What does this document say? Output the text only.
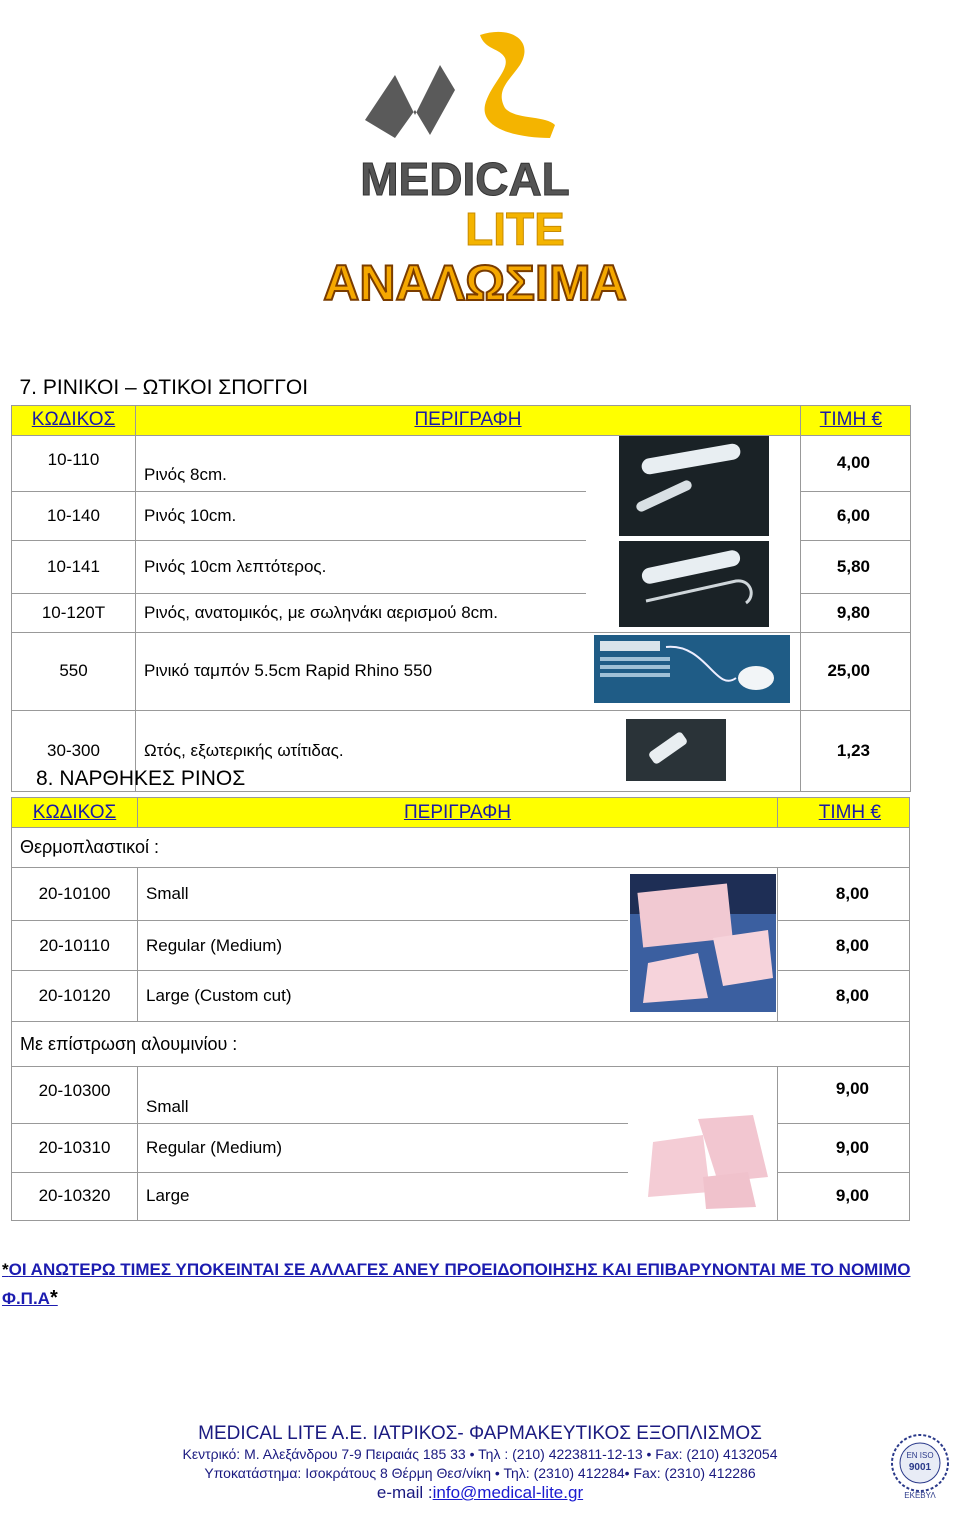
MEDICAL
LITE
ΑΝΑΛΩΣΙΜΑ
7. ΡΙΝΙΚΟΙ – ΩΤΙΚΟΙ ΣΠΟΓΓΟΙ			
ΚΩΔΙΚΟΣ	ΠΕΡΙΓΡΑΦΗ		ΤΙΜΗ €
10-110	Ρινός 8cm.		4,00
10-140	Ρινός 10cm.		6,00
10-141	Ρινός 10cm λεπτότερος.		5,80
10-120T	Ρινός, ανατομικός, με σωληνάκι αερισμού 8cm.		9,80
550	Ρινικό ταμπόν 5.5cm Rapid Rhino 550		25,00
30-300	Ωτός, εξωτερικής ωτίτιδας.		1,23
8. ΝΑΡΘΗΚΕΣ ΡΙΝΟΣ
ΚΩΔΙΚΟΣ	ΠΕΡΙΓΡΑΦΗ		ΤΙΜΗ €
Θερμοπλαστικοί :			
20-10100	Small		8,00
20-10110	Regular (Medium)		8,00
20-10120	Large (Custom cut)		8,00
Με επίστρωση αλουμινίου :			
20-10300	Small		9,00
20-10310	Regular (Medium)		9,00
20-10320	Large		9,00
*ΟΙ ΑΝΩΤΕΡΩ ΤΙΜΕΣ ΥΠΟΚΕΙΝΤΑΙ ΣΕ ΑΛΛΑΓΕΣ ΑΝΕΥ ΠΡΟΕΙΔΟΠΟΙΗΣΗΣ ΚΑΙ ΕΠΙΒΑΡΥΝΟΝΤΑΙ ΜΕ ΤΟ ΝΟΜΙΜΟ Φ.Π.Α*
MEDICAL LITE A.E. ΙΑΤΡΙΚΟΣ- ΦΑΡΜΑΚΕΥΤΙΚΟΣ ΕΞΟΠΛΙΣΜΟΣ
Κεντρικό: Μ. Αλεξάνδρου 7-9 Πειραιάς 185 33 • Τηλ : (210) 4223811-12-13 • Fax: (210) 4132054
Υποκατάστημα: Ισοκράτους 8 Θέρμη Θεσ/νίκη • Τηλ: (2310) 412284• Fax: (2310) 412286
e-mail :info@medical-lite.gr
EN ISO
9001
ΕΚΕΒΥΛ
